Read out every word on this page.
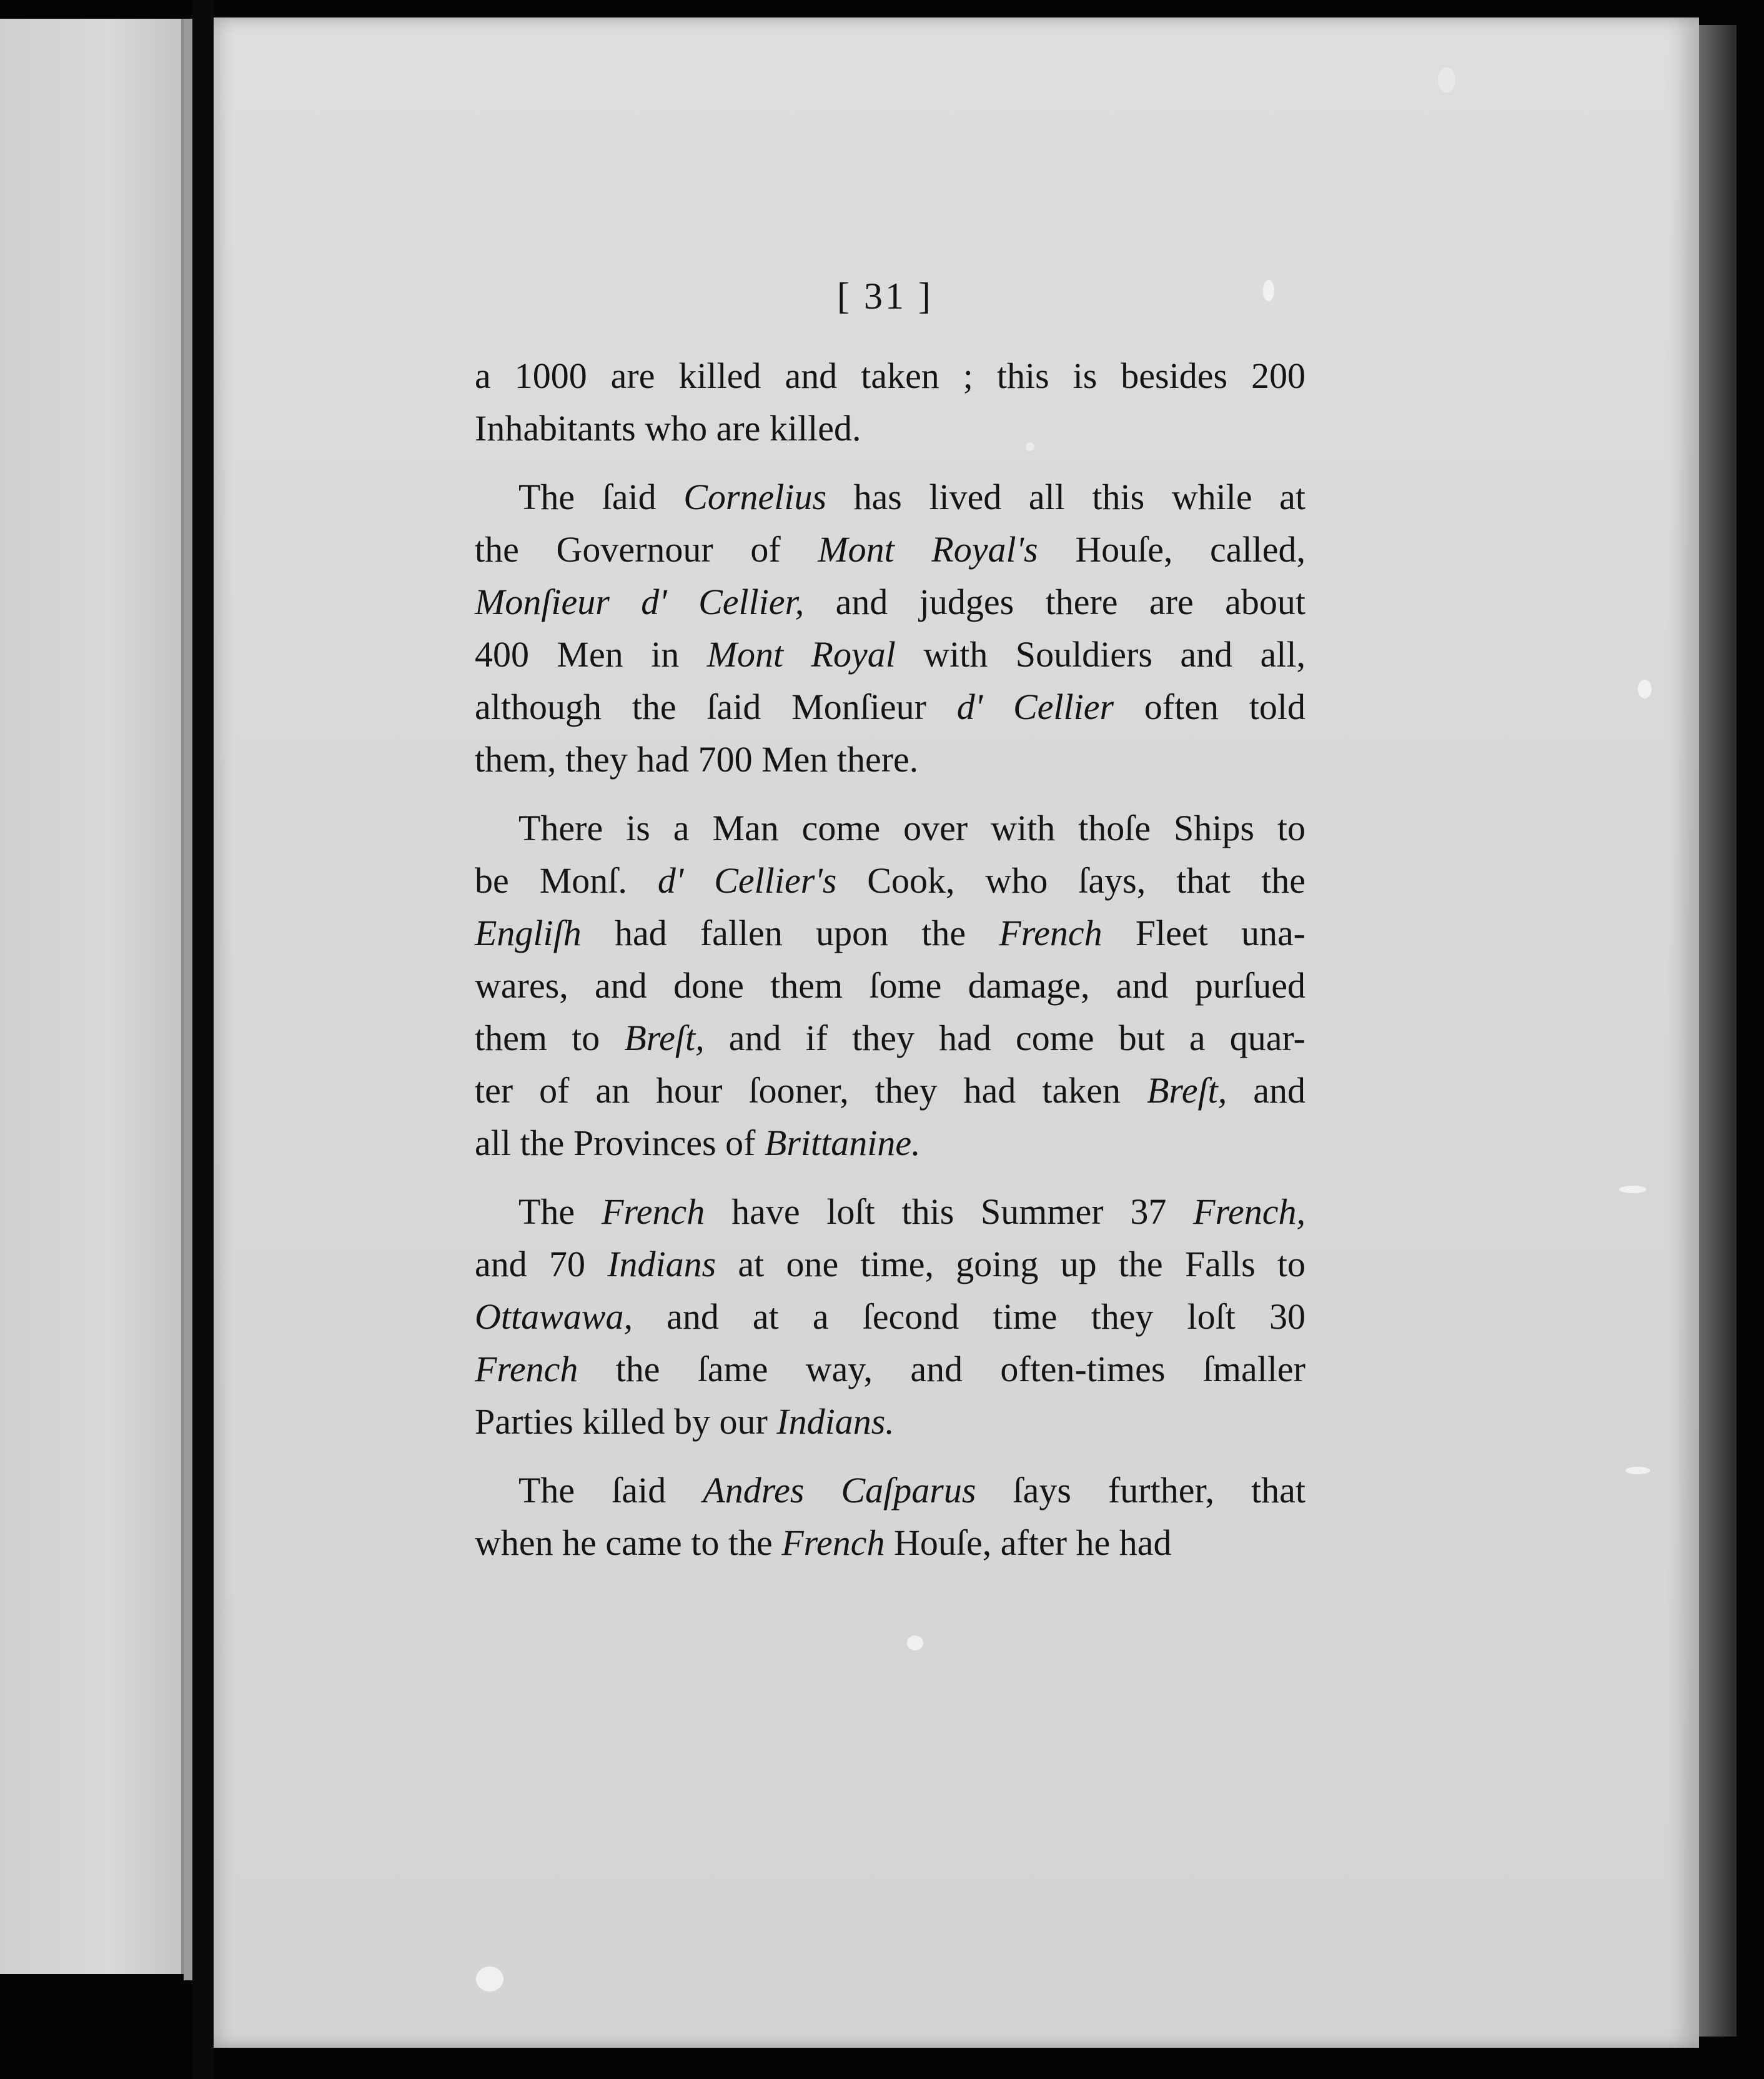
[ 31 ]
a 1000 are killed and taken ; this is besides 200
Inhabitants who are killed.
The ſaid Cornelius has lived all this while at
the Governour of Mont Royal's Houſe, called,
Monſieur d' Cellier, and judges there are about
400 Men in Mont Royal with Souldiers and all,
although the ſaid Monſieur d' Cellier often told
them, they had 700 Men there.
There is a Man come over with thoſe Ships to
be Monſ. d' Cellier's Cook, who ſays, that the
Engliſh had fallen upon the French Fleet una-
wares, and done them ſome damage, and purſued
them to Breſt, and if they had come but a quar-
ter of an hour ſooner, they had taken Breſt, and
all the Provinces of Brittanine.
The French have loſt this Summer 37 French,
and 70 Indians at one time, going up the Falls to
Ottawawa, and at a ſecond time they loſt 30
French the ſame way, and often-times ſmaller
Parties killed by our Indians.
The ſaid Andres Caſparus ſays further, that
when he came to the French Houſe, after he had
